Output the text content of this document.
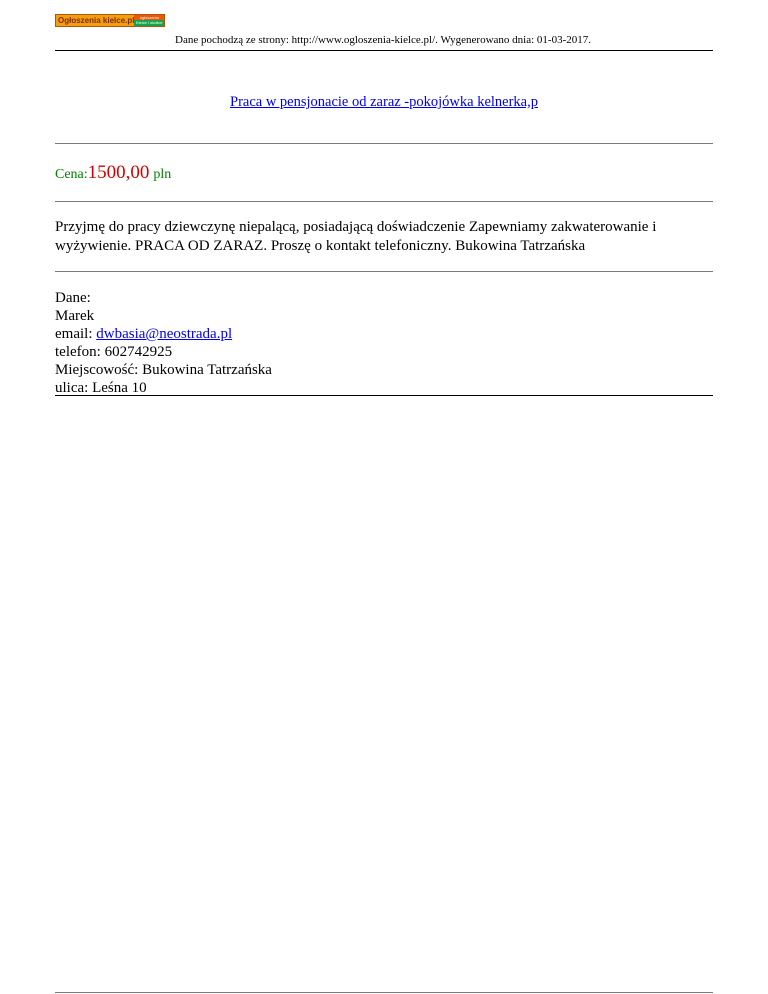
Ogłoszenia kielce.pl	ogłoszenia
Kielce i okolice
Dane pochodzą ze strony: http://www.ogloszenia-kielce.pl/. Wygenerowano dnia: 01-03-2017.
Praca w pensjonacie od zaraz -pokojówka kelnerka,p
Cena:1500,00 pln
Przyjmę do pracy dziewczynę niepalącą, posiadającą doświadczenie Zapewniamy zakwaterowanie i wyżywienie. PRACA OD ZARAZ. Proszę o kontakt telefoniczny. Bukowina Tatrzańska
Dane:
Marek
email: dwbasia@neostrada.pl
telefon: 602742925
Miejscowość: Bukowina Tatrzańska
ulica: Leśna 10
